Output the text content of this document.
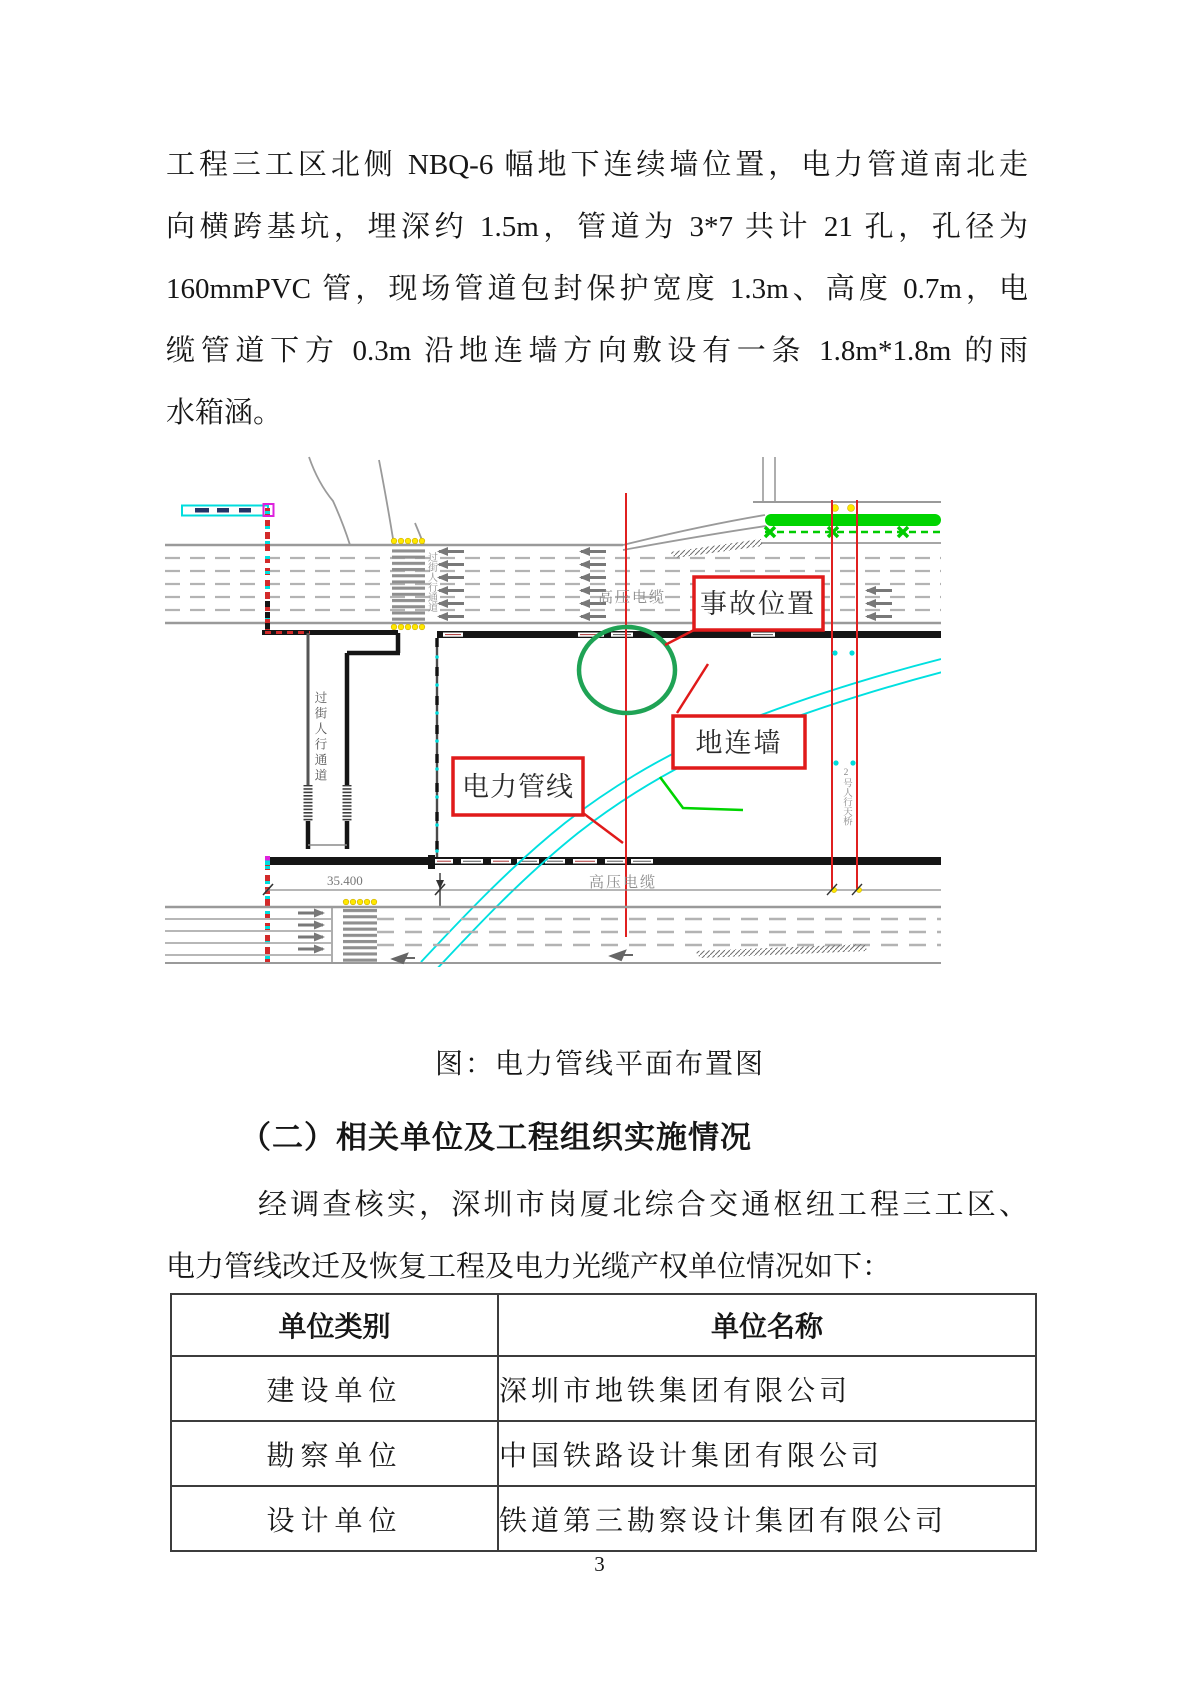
工程三工区北侧 NBQ-6 幅地下连续墙位置，电力管道南北走
向横跨基坑，埋深约 1.5m，管道为 3*7 共计 21 孔，孔径为
160mmPVC 管，现场管道包封保护宽度 1.3m、高度 0.7m，电
缆管道下方 0.3m 沿地连墙方向敷设有一条 1.8m*1.8m 的雨
水箱涵。
过街人行通道
过街人行通道
2号人行天桥
高压电缆
高压电缆
35.400
事故位置
地连墙
电力管线
图：电力管线平面布置图
（二）相关单位及工程组织实施情况
经调查核实，深圳市岗厦北综合交通枢纽工程三工区、
电力管线改迁及恢复工程及电力光缆产权单位情况如下：
单位类别	单位名称
建设单位	深圳市地铁集团有限公司
勘察单位	中国铁路设计集团有限公司
设计单位	铁道第三勘察设计集团有限公司
3
